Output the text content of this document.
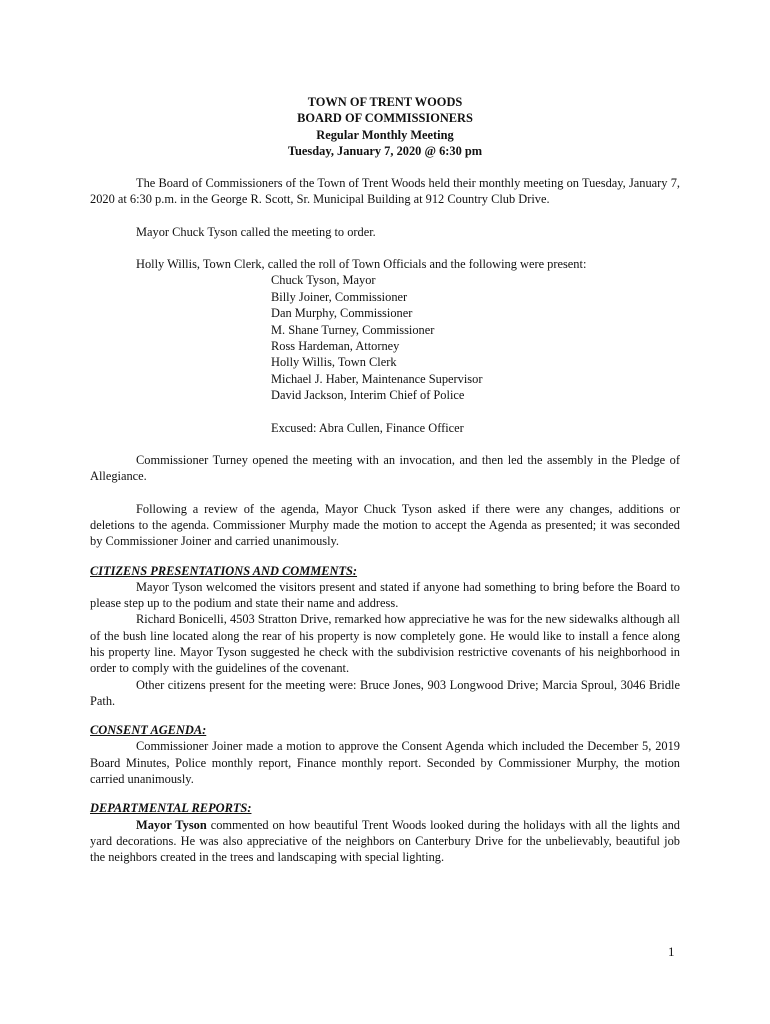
TOWN OF TRENT WOODS
BOARD OF COMMISSIONERS
Regular Monthly Meeting
Tuesday, January 7, 2020 @ 6:30 pm

The Board of Commissioners of the Town of Trent Woods held their monthly meeting on Tuesday, January 7, 2020 at 6:30 p.m. in the George R. Scott, Sr. Municipal Building at 912 Country Club Drive.

Mayor Chuck Tyson called the meeting to order.

Holly Willis, Town Clerk, called the roll of Town Officials and the following were present:

Chuck Tyson, Mayor
Billy Joiner, Commissioner
Dan Murphy, Commissioner
M. Shane Turney, Commissioner
Ross Hardeman, Attorney
Holly Willis, Town Clerk
Michael J. Haber, Maintenance Supervisor
David Jackson, Interim Chief of Police
Excused: Abra Cullen, Finance Officer

Commissioner Turney opened the meeting with an invocation, and then led the assembly in the Pledge of Allegiance.

Following a review of the agenda, Mayor Chuck Tyson asked if there were any changes, additions or deletions to the agenda. Commissioner Murphy made the motion to accept the Agenda as presented; it was seconded by Commissioner Joiner and carried unanimously.

CITIZENS PRESENTATIONS AND COMMENTS:

Mayor Tyson welcomed the visitors present and stated if anyone had something to bring before the Board to please step up to the podium and state their name and address.

Richard Bonicelli, 4503 Stratton Drive, remarked how appreciative he was for the new sidewalks although all of the bush line located along the rear of his property is now completely gone. He would like to install a fence along his property line. Mayor Tyson suggested he check with the subdivision restrictive covenants of his neighborhood in order to comply with the guidelines of the covenant.

Other citizens present for the meeting were: Bruce Jones, 903 Longwood Drive; Marcia Sproul, 3046 Bridle Path.

CONSENT AGENDA:

Commissioner Joiner made a motion to approve the Consent Agenda which included the December 5, 2019 Board Minutes, Police monthly report, Finance monthly report. Seconded by Commissioner Murphy, the motion carried unanimously.

DEPARTMENTAL REPORTS:

Mayor Tyson commented on how beautiful Trent Woods looked during the holidays with all the lights and yard decorations. He was also appreciative of the neighbors on Canterbury Drive for the unbelievably, beautiful job the neighbors created in the trees and landscaping with special lighting.

1
